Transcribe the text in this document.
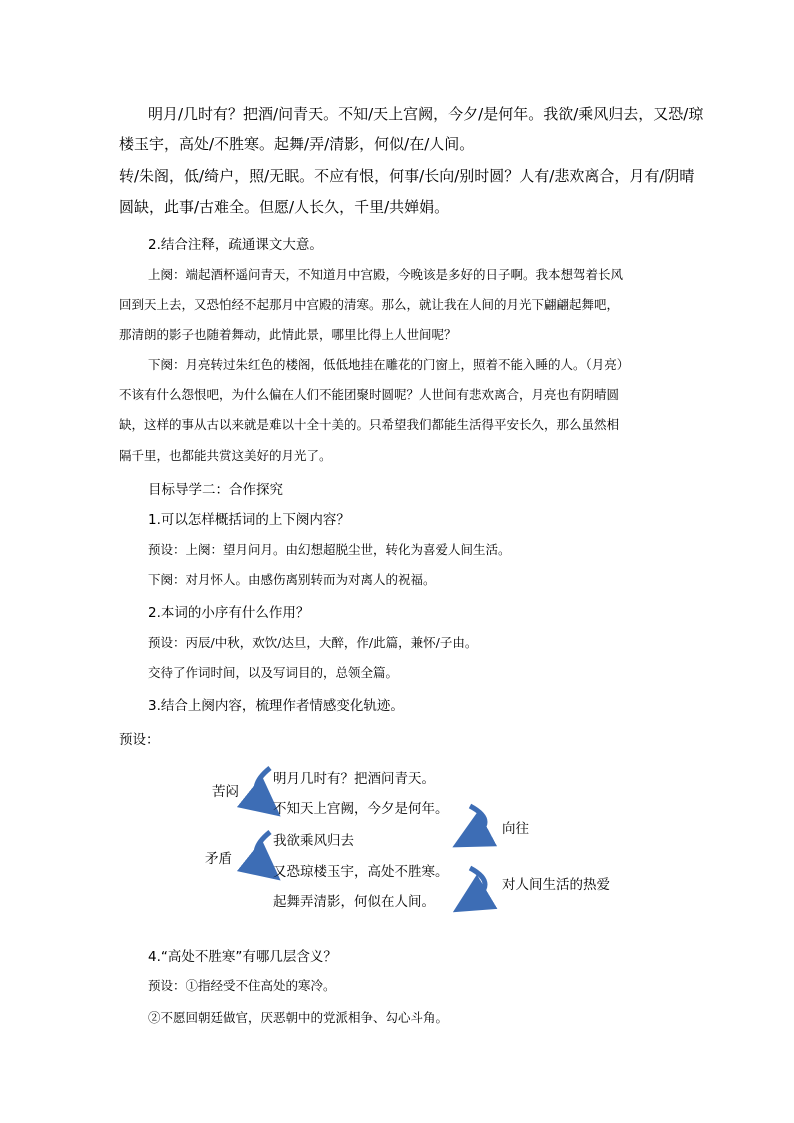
明月/几时有？把酒/问青天。不知/天上宫阙，今夕/是何年。我欲/乘风归去，又恐/琼
楼玉宇，高处/不胜寒。起舞/弄/清影，何似/在/人间。
转/朱阁，低/绮户，照/无眠。不应有恨，何事/长向/别时圆？人有/悲欢离合，月有/阴晴
圆缺，此事/古难全。但愿/人长久，千里/共婵娟。
2.结合注释，疏通课文大意。
上阕：端起酒杯遥问青天，不知道月中宫殿，今晚该是多好的日子啊。我本想驾着长风
回到天上去，又恐怕经不起那月中宫殿的清寒。那么，就让我在人间的月光下翩翩起舞吧，
那清朗的影子也随着舞动，此情此景，哪里比得上人世间呢？
下阕：月亮转过朱红色的楼阁，低低地挂在雕花的门窗上，照着不能入睡的人。（月亮）
不该有什么怨恨吧，为什么偏在人们不能团聚时圆呢？人世间有悲欢离合，月亮也有阴晴圆
缺，这样的事从古以来就是难以十全十美的。只希望我们都能生活得平安长久，那么虽然相
隔千里，也都能共赏这美好的月光了。
目标导学二：合作探究
1.可以怎样概括词的上下阕内容？
预设：上阕：望月问月。由幻想超脱尘世，转化为喜爱人间生活。
下阕：对月怀人。由感伤离别转而为对离人的祝福。
2.本词的小序有什么作用？
预设：丙辰/中秋，欢饮/达旦，大醉，作/此篇，兼怀/子由。
交待了作词时间，以及写词目的，总领全篇。
3.结合上阕内容，梳理作者情感变化轨迹。
预设：
苦闷
矛盾
明月几时有？把酒问青天。
不知天上宫阙，今夕是何年。
我欲乘风归去
又恐琼楼玉宇，高处不胜寒。
起舞弄清影，何似在人间。
向往
对人间生活的热爱
4.“高处不胜寒”有哪几层含义？
预设：①指经受不住高处的寒冷。
②不愿回朝廷做官，厌恶朝中的党派相争、勾心斗角。
